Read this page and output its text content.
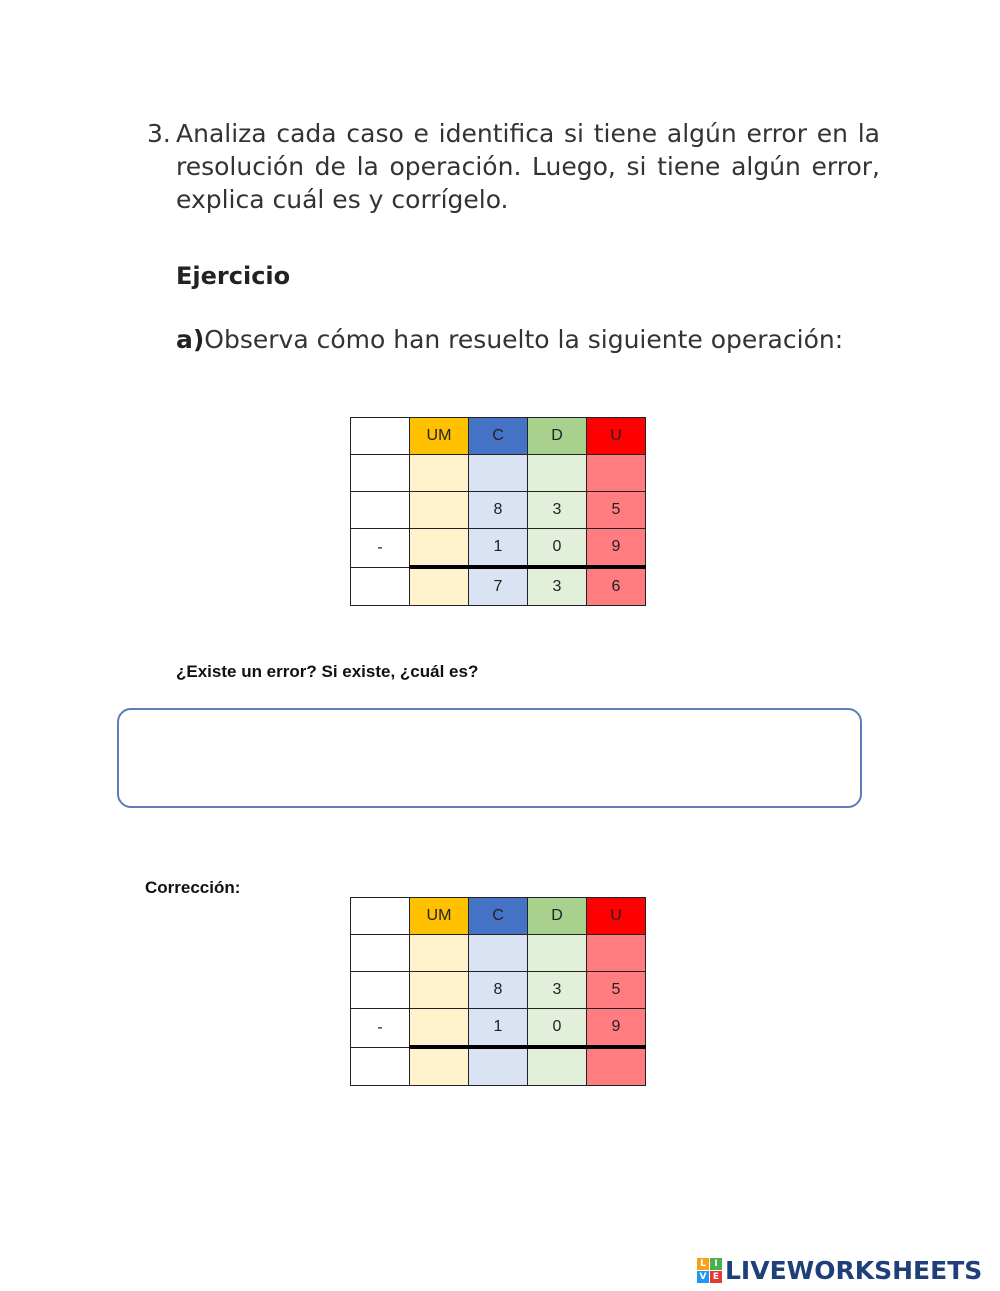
3. Analiza cada caso e identifica si tiene algún error en la resolución de la operación. Luego, si tiene algún error, explica cuál es y corrígelo.
Ejercicio
a)Observa cómo han resuelto la siguiente operación:
	UM	C	D	U

		8	3	5
-		1	0	9
		7	3	6
¿Existe un error? Si existe, ¿cuál es?
Corrección:
	UM	C	D	U

		8	3	5
-		1	0	9

L I
V E LIVEWORKSHEETS
